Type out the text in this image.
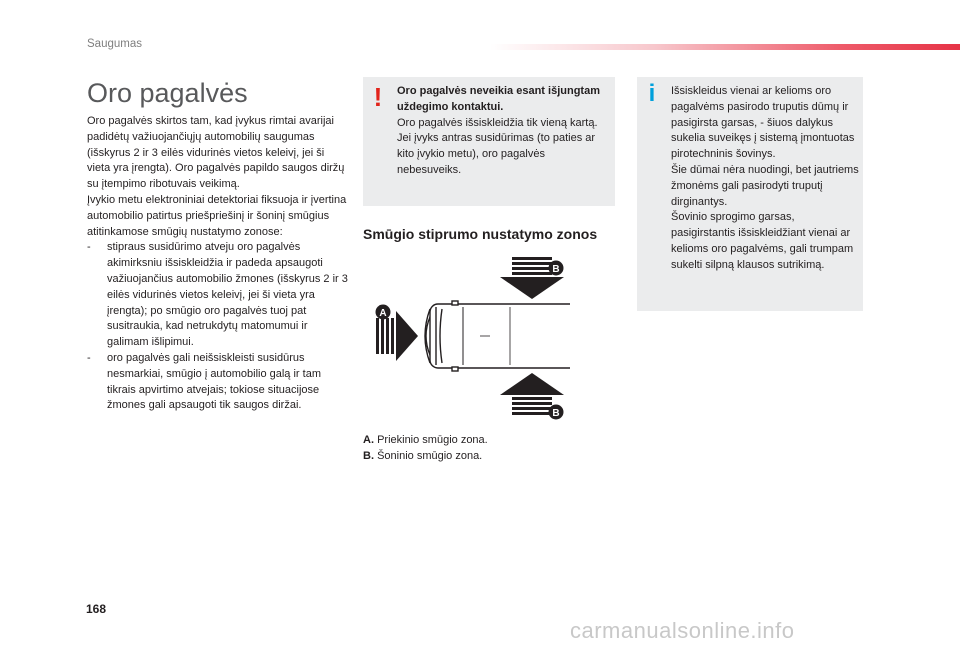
Saugumas
Oro pagalvės

Oro pagalvės skirtos tam, kad įvykus rimtai avarijai padidėtų važiuojančiųjų automobilių saugumas (išskyrus 2 ir 3 eilės vidurinės vietos keleivį, jei ši vieta yra įrengta). Oro pagalvės papildo saugos diržų su įtempimo ribotuvais veikimą.

Įvykio metu elektroniniai detektoriai fiksuoja ir įvertina automobilio patirtus priešpriešinį ir šoninį smūgius atitinkamose smūgių nustatymo zonose:

- stipraus susidūrimo atveju oro pagalvės akimirksniu išsiskleidžia ir padeda apsaugoti važiuojančius automobilio žmones (išskyrus 2 ir 3 eilės vidurinės vietos keleivį, jei ši vieta yra įrengta); po smūgio oro pagalvės tuoj pat susitraukia, kad netrukdytų matomumui ir galimam išlipimui.

- oro pagalvės gali neišsiskleisti susidūrus nesmarkiai, smūgio į automobilio galą ir tam tikrais apvirtimo atvejais; tokiose situacijose žmones gali apsaugoti tik saugos diržai.

! Oro pagalvės neveikia esant išjungtam uždegimo kontaktui.

Oro pagalvės išsiskleidžia tik vieną kartą. Jei įvyks antras susidūrimas (to paties ar kito įvykio metu), oro pagalvės nebesuveiks.

i Išsiskleidus vienai ar kelioms oro pagalvėms pasirodo truputis dūmų ir pasigirsta garsas, - šiuos dalykus sukelia suveikęs į sistemą įmontuotas pirotechninis šovinys.

Šie dūmai nėra nuodingi, bet jautriems žmonėms gali pasirodyti truputį dirginantys.

Šovinio sprogimo garsas, pasigirstantis išsiskleidžiant vienai ar kelioms oro pagalvėms, gali trumpam sukelti silpną klausos sutrikimą.

Smūgio stiprumo nustatymo zonos
B
B
A

A. Priekinio smūgio zona.

B. Šoninio smūgio zona.

168
carmanualsonline.info
